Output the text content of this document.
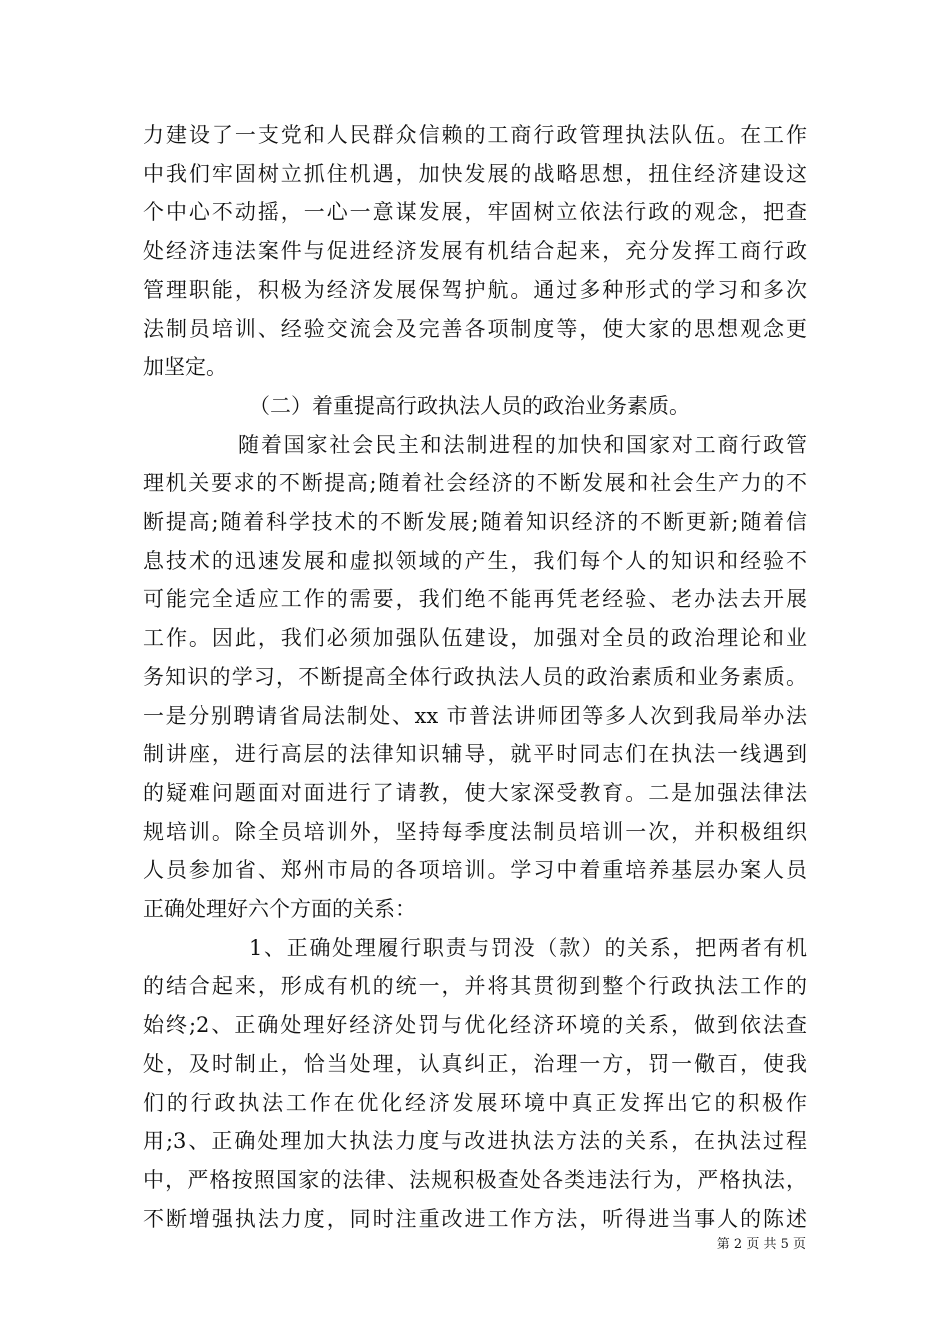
力建设了一支党和人民群众信赖的工商行政管理执法队伍。在工作
中我们牢固树立抓住机遇，加快发展的战略思想，扭住经济建设这
个中心不动摇，一心一意谋发展，牢固树立依法行政的观念，把查
处经济违法案件与促进经济发展有机结合起来，充分发挥工商行政
管理职能，积极为经济发展保驾护航。通过多种形式的学习和多次
法制员培训、经验交流会及完善各项制度等，使大家的思想观念更
加坚定。
（二）着重提高行政执法人员的政治业务素质。
随着国家社会民主和法制进程的加快和国家对工商行政管
理机关要求的不断提高;随着社会经济的不断发展和社会生产力的不
断提高;随着科学技术的不断发展;随着知识经济的不断更新;随着信
息技术的迅速发展和虚拟领域的产生，我们每个人的知识和经验不
可能完全适应工作的需要，我们绝不能再凭老经验、老办法去开展
工作。因此，我们必须加强队伍建设，加强对全员的政治理论和业
务知识的学习，不断提高全体行政执法人员的政治素质和业务素质。
一是分别聘请省局法制处、xx 市普法讲师团等多人次到我局举办法
制讲座，进行高层的法律知识辅导，就平时同志们在执法一线遇到
的疑难问题面对面进行了请教，使大家深受教育。二是加强法律法
规培训。除全员培训外，坚持每季度法制员培训一次，并积极组织
人员参加省、郑州市局的各项培训。学习中着重培养基层办案人员
正确处理好六个方面的关系：
1、正确处理履行职责与罚没（款）的关系，把两者有机
的结合起来，形成有机的统一，并将其贯彻到整个行政执法工作的
始终;2、正确处理好经济处罚与优化经济环境的关系，做到依法查
处，及时制止，恰当处理，认真纠正，治理一方，罚一儆百，使我
们的行政执法工作在优化经济发展环境中真正发挥出它的积极作
用;3、正确处理加大执法力度与改进执法方法的关系，在执法过程
中，严格按照国家的法律、法规积极查处各类违法行为，严格执法，
不断增强执法力度，同时注重改进工作方法，听得进当事人的陈述
第 2 页 共 5 页
